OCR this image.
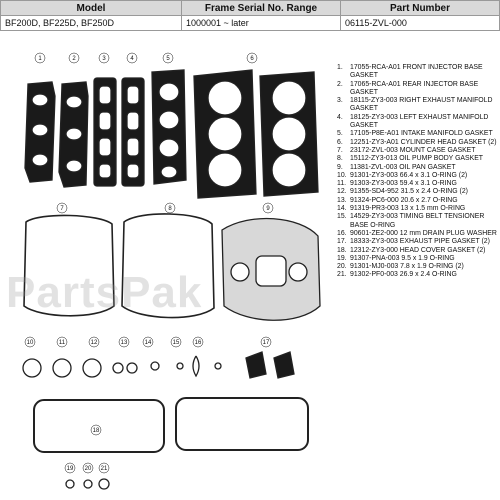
Model	Frame Serial No. Range	Part Number
BF200D, BF225D, BF250D	1000001 ~ later	06115-ZVL-000
1	2	3	4	5	6
7	8	9
10	11	12	13	14	15	16	17
18
19 20 21
PartsPak
1. 17055-RCA-A01 FRONT INJECTOR BASE GASKET
2. 17065-RCA-A01 REAR INJECTOR BASE GASKET
3. 18115-ZY3-003 RIGHT EXHAUST MANIFOLD GASKET
4. 18125-ZY3-003 LEFT EXHAUST MANIFOLD GASKET
5. 17105-P8E-A01 INTAKE MANIFOLD GASKET
6. 12251-ZY3-A01 CYLINDER HEAD GASKET (2)
7. 23172-ZVL-003 MOUNT CASE GASKET
8. 15112-ZY3-013 OIL PUMP BODY GASKET
9. 11381-ZVL-003 OIL PAN GASKET
10. 91301-ZY3-003 66.4 x 3.1 O-RING (2)
11. 91303-ZY3-003 59.4 x 3.1 O-RING
12. 91355-SD4-952 31.5 x 2.4 O-RING (2)
13. 91324-PC6-000 20.6 x 2.7 O-RING
14. 91319-PR3-003 13 x 1.5 mm O-RING
15. 14529-ZY3-003 TIMING BELT TENSIONER BASE O-RING
16. 90601-ZE2-000 12 mm DRAIN PLUG WASHER
17. 18333-ZY3-003 EXHAUST PIPE GASKET (2)
18. 12312-ZY3-000 HEAD COVER GASKET (2)
19. 91307-PNA-003 9.5 x 1.9 O-RING
20. 91301-MJ0-003 7.8 x 1.9 O-RING (2)
21. 91302-PF0-003 26.9 x 2.4 O-RING
